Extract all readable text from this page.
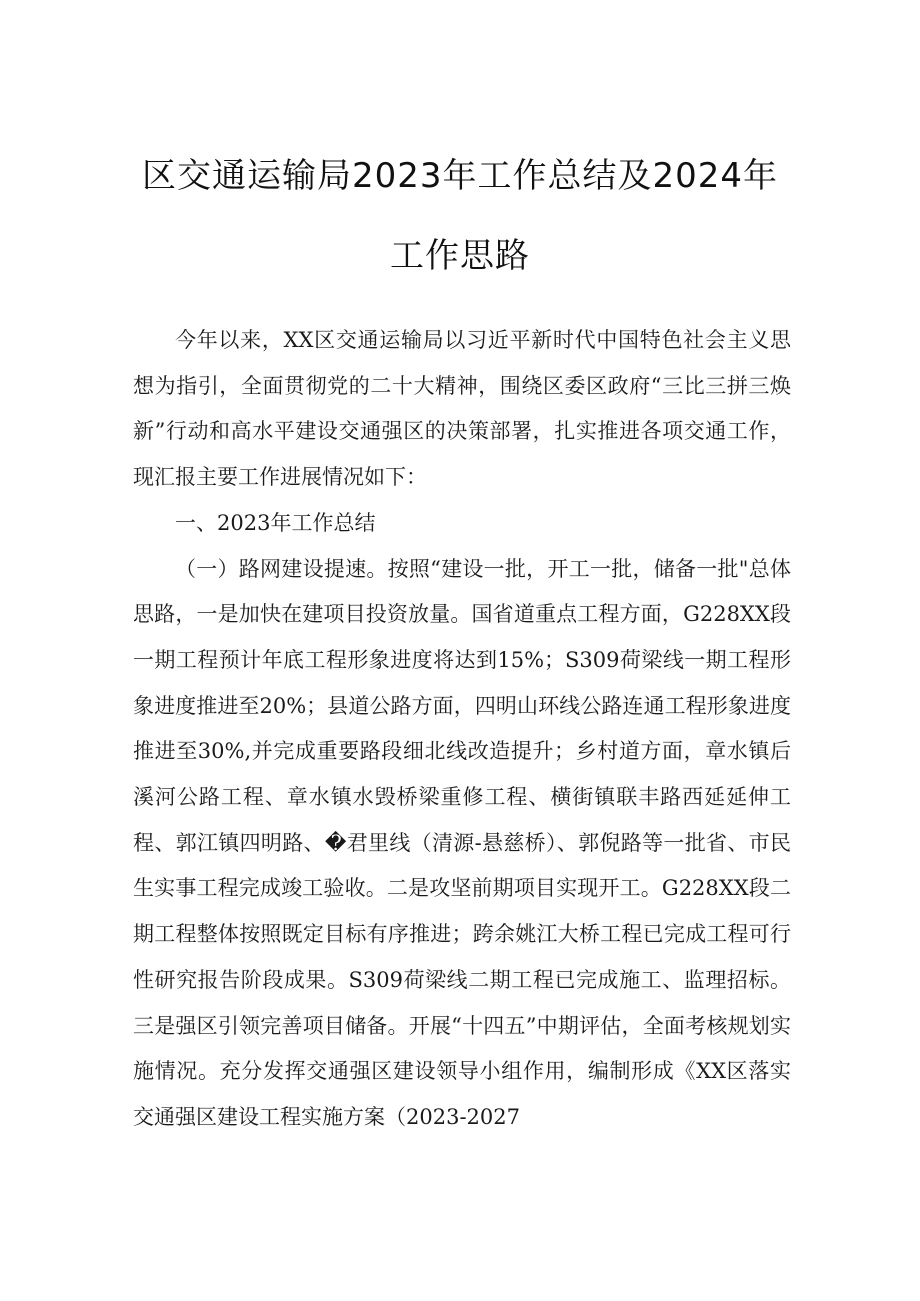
区交通运输局2023年工作总结及2024年
工作思路

今年以来，XX区交通运输局以习近平新时代中国特色社会主义思想为指引，全面贯彻党的二十大精神，围绕区委区政府“三比三拼三焕新”行动和高水平建设交通强区的决策部署，扎实推进各项交通工作，现汇报主要工作进展情况如下：

一、2023年工作总结

（一）路网建设提速。按照“建设一批，开工一批，储备一批"总体思路，一是加快在建项目投资放量。国省道重点工程方面，G228XX段一期工程预计年底工程形象进度将达到15%；S309荷梁线一期工程形象进度推进至20%；县道公路方面，四明山环线公路连通工程形象进度推进至30%,并完成重要路段细北线改造提升；乡村道方面，章水镇后溪河公路工程、章水镇水毁桥梁重修工程、横街镇联丰路西延延伸工程、郭江镇四明路、�君里线（清源-悬慈桥）、郭倪路等一批省、市民生实事工程完成竣工验收。二是攻坚前期项目实现开工。G228XX段二期工程整体按照既定目标有序推进；跨余姚江大桥工程已完成工程可行性研究报告阶段成果。S309荷梁线二期工程已完成施工、监理招标。三是强区引领完善项目储备。开展“十四五”中期评估，全面考核规划实施情况。充分发挥交通强区建设领导小组作用，编制形成《XX区落实交通强区建设工程实施方案（2023-2027
